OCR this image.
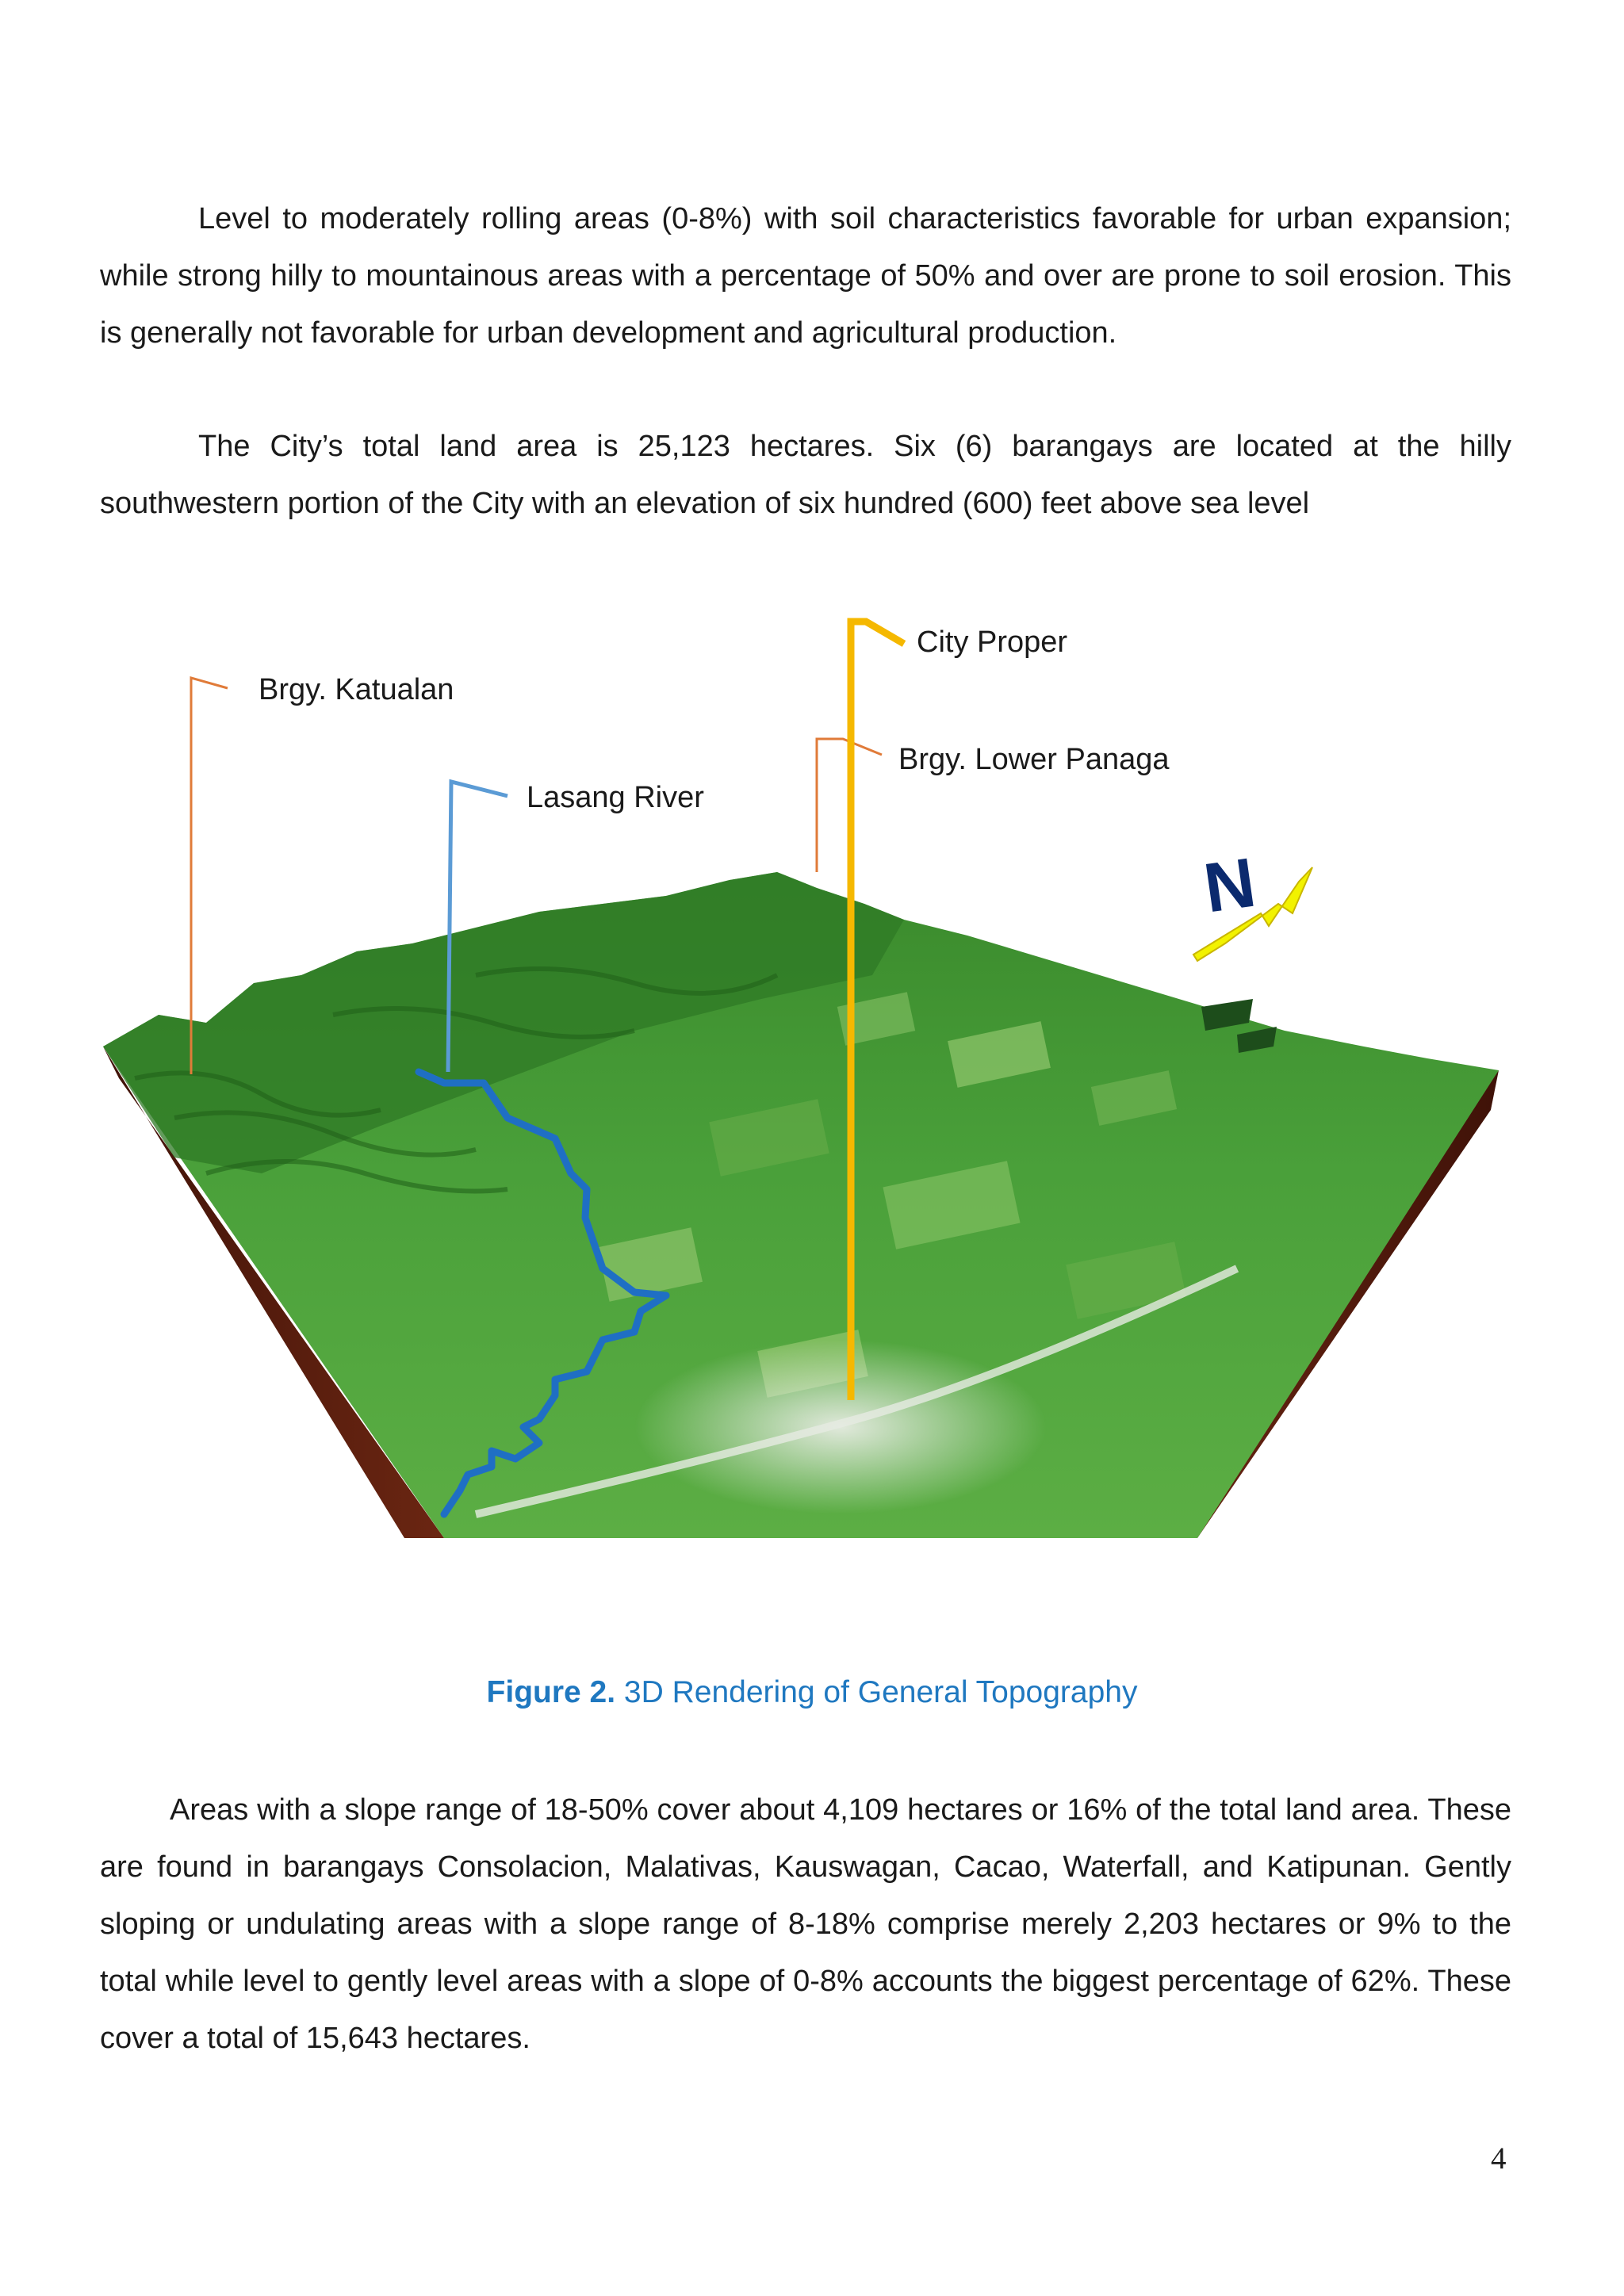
Level to moderately rolling areas (0-8%) with soil characteristics favorable for urban expansion; while strong hilly to mountainous areas with a percentage of 50% and over are prone to soil erosion. This is generally not favorable for urban development and agricultural production.

The City’s total land area is 25,123 hectares. Six (6) barangays are located at the hilly southwestern portion of the City with an elevation of six hundred (600) feet above sea level

N
City Proper
Brgy. Katualan
Brgy. Lower Panaga
Lasang River
Figure 2. 3D Rendering of General Topography

Areas with a slope range of 18-50% cover about 4,109 hectares or 16% of the total land area. These are found in barangays Consolacion, Malativas, Kauswagan, Cacao, Waterfall, and Katipunan. Gently sloping or undulating areas with a slope range of 8-18% comprise merely 2,203 hectares or 9% to the total while level to gently level areas with a slope of 0-8% accounts the biggest percentage of 62%. These cover a total of 15,643 hectares.

4
